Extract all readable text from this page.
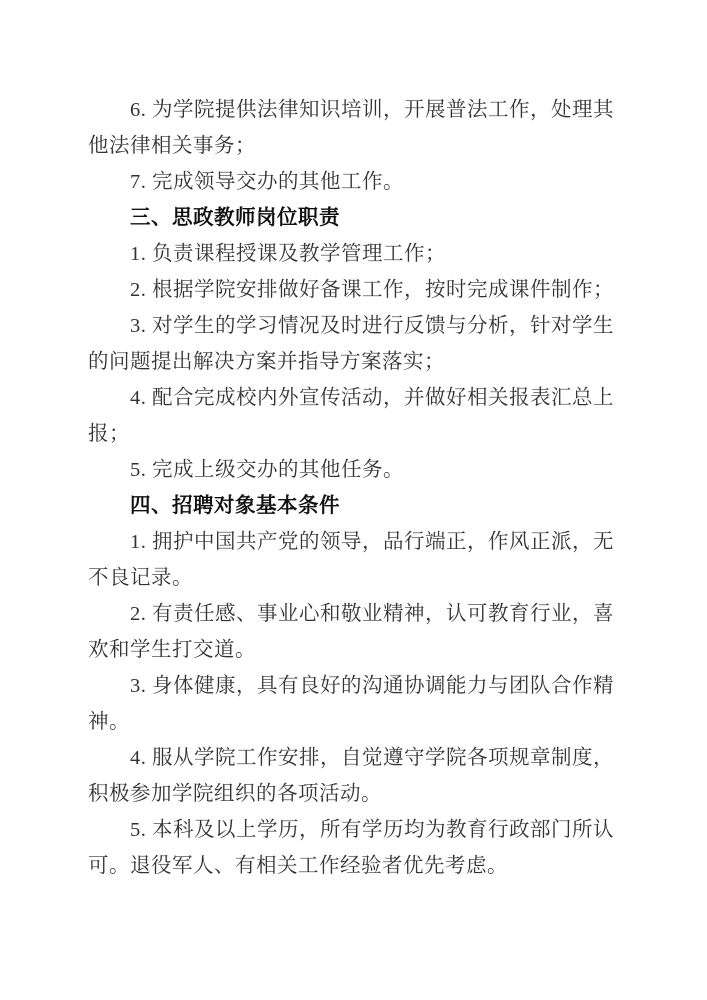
6. 为学院提供法律知识培训，开展普法工作，处理其
他法律相关事务；

7. 完成领导交办的其他工作。

三、思政教师岗位职责

1. 负责课程授课及教学管理工作；

2. 根据学院安排做好备课工作，按时完成课件制作；

3. 对学生的学习情况及时进行反馈与分析，针对学生
的问题提出解决方案并指导方案落实；

4. 配合完成校内外宣传活动，并做好相关报表汇总上
报；

5. 完成上级交办的其他任务。

四、招聘对象基本条件

1. 拥护中国共产党的领导，品行端正，作风正派，无
不良记录。

2. 有责任感、事业心和敬业精神，认可教育行业，喜
欢和学生打交道。

3. 身体健康，具有良好的沟通协调能力与团队合作精
神。

4. 服从学院工作安排，自觉遵守学院各项规章制度，
积极参加学院组织的各项活动。

5. 本科及以上学历，所有学历均为教育行政部门所认
可。退役军人、有相关工作经验者优先考虑。
